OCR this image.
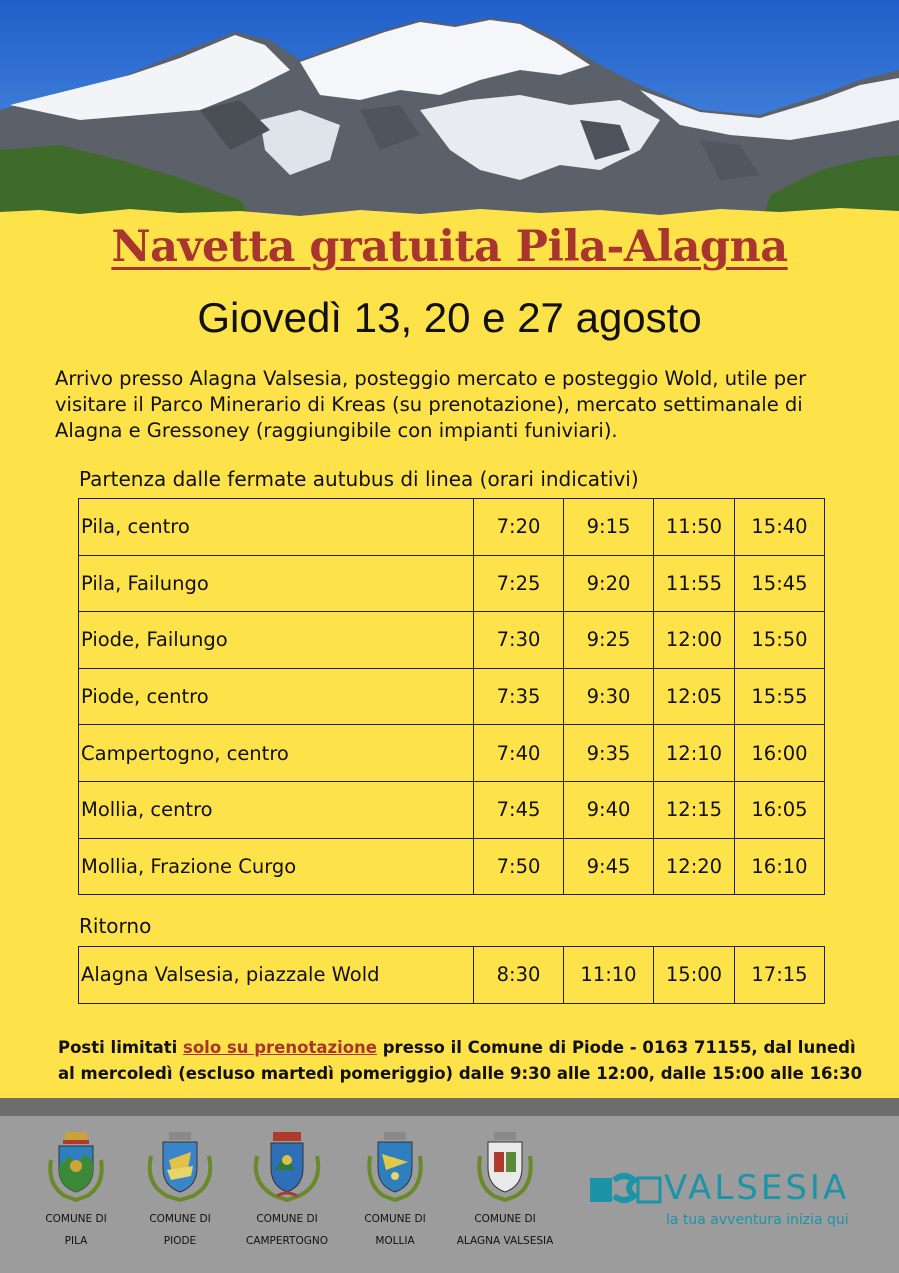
Navetta gratuita Pila-Alagna
Giovedì 13, 20 e 27 agosto
Arrivo presso Alagna Valsesia, posteggio mercato e posteggio Wold, utile per
visitare il Parco Minerario di Kreas (su prenotazione), mercato settimanale di
Alagna e Gressoney (raggiungibile con impianti funiviari).
Partenza dalle fermate autubus di linea (orari indicativi)
Pila, centro	7:20	9:15	11:50	15:40
Pila, Failungo	7:25	9:20	11:55	15:45
Piode, Failungo	7:30	9:25	12:00	15:50
Piode, centro	7:35	9:30	12:05	15:55
Campertogno, centro	7:40	9:35	12:10	16:00
Mollia, centro	7:45	9:40	12:15	16:05
Mollia, Frazione Curgo	7:50	9:45	12:20	16:10
Ritorno
Alagna Valsesia, piazzale Wold	8:30	11:10	15:00	17:15
Posti limitati solo su prenotazione presso il Comune di Piode - 0163 71155, dal lunedì
al mercoledì (escluso martedì pomeriggio) dalle 9:30 alle 12:00, dalle 15:00 alle 16:30
COMUNE DI
PILA
COMUNE DI
PIODE
COMUNE DI
CAMPERTOGNO
COMUNE DI
MOLLIA
COMUNE DI
ALAGNA VALSESIA
VALSESIA
la tua avventura inizia qui
